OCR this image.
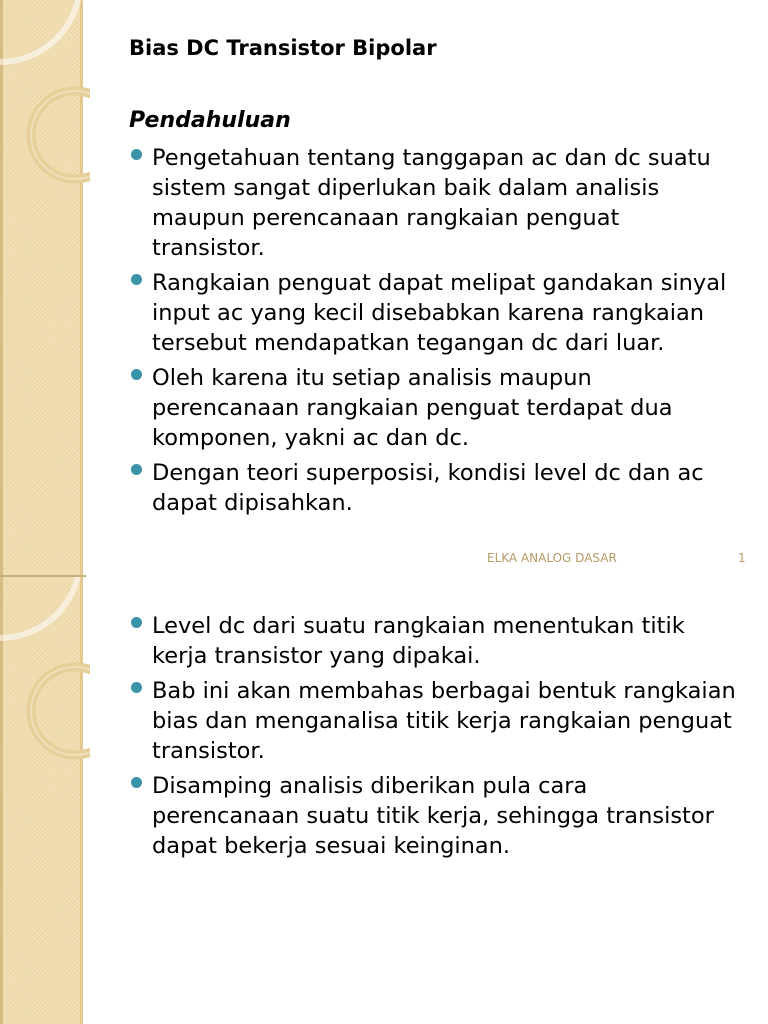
Bias DC Transistor Bipolar
Pendahuluan
Pengetahuan tentang tanggapan ac dan dc suatu sistem sangat diperlukan baik dalam analisis maupun perencanaan rangkaian penguat transistor.
Rangkaian penguat dapat melipat gandakan sinyal input ac yang kecil disebabkan karena rangkaian tersebut mendapatkan tegangan dc dari luar.
Oleh karena itu setiap analisis maupun perencanaan rangkaian penguat terdapat dua komponen, yakni ac dan dc.
Dengan teori superposisi, kondisi level dc dan ac dapat dipisahkan.
ELKA ANALOG DASAR	1
Level dc dari suatu rangkaian menentukan titik kerja transistor yang dipakai.
Bab ini akan membahas berbagai bentuk rangkaian bias dan menganalisa titik kerja rangkaian penguat transistor.
Disamping analisis diberikan pula cara perencanaan suatu titik kerja, sehingga transistor dapat bekerja sesuai keinginan.
